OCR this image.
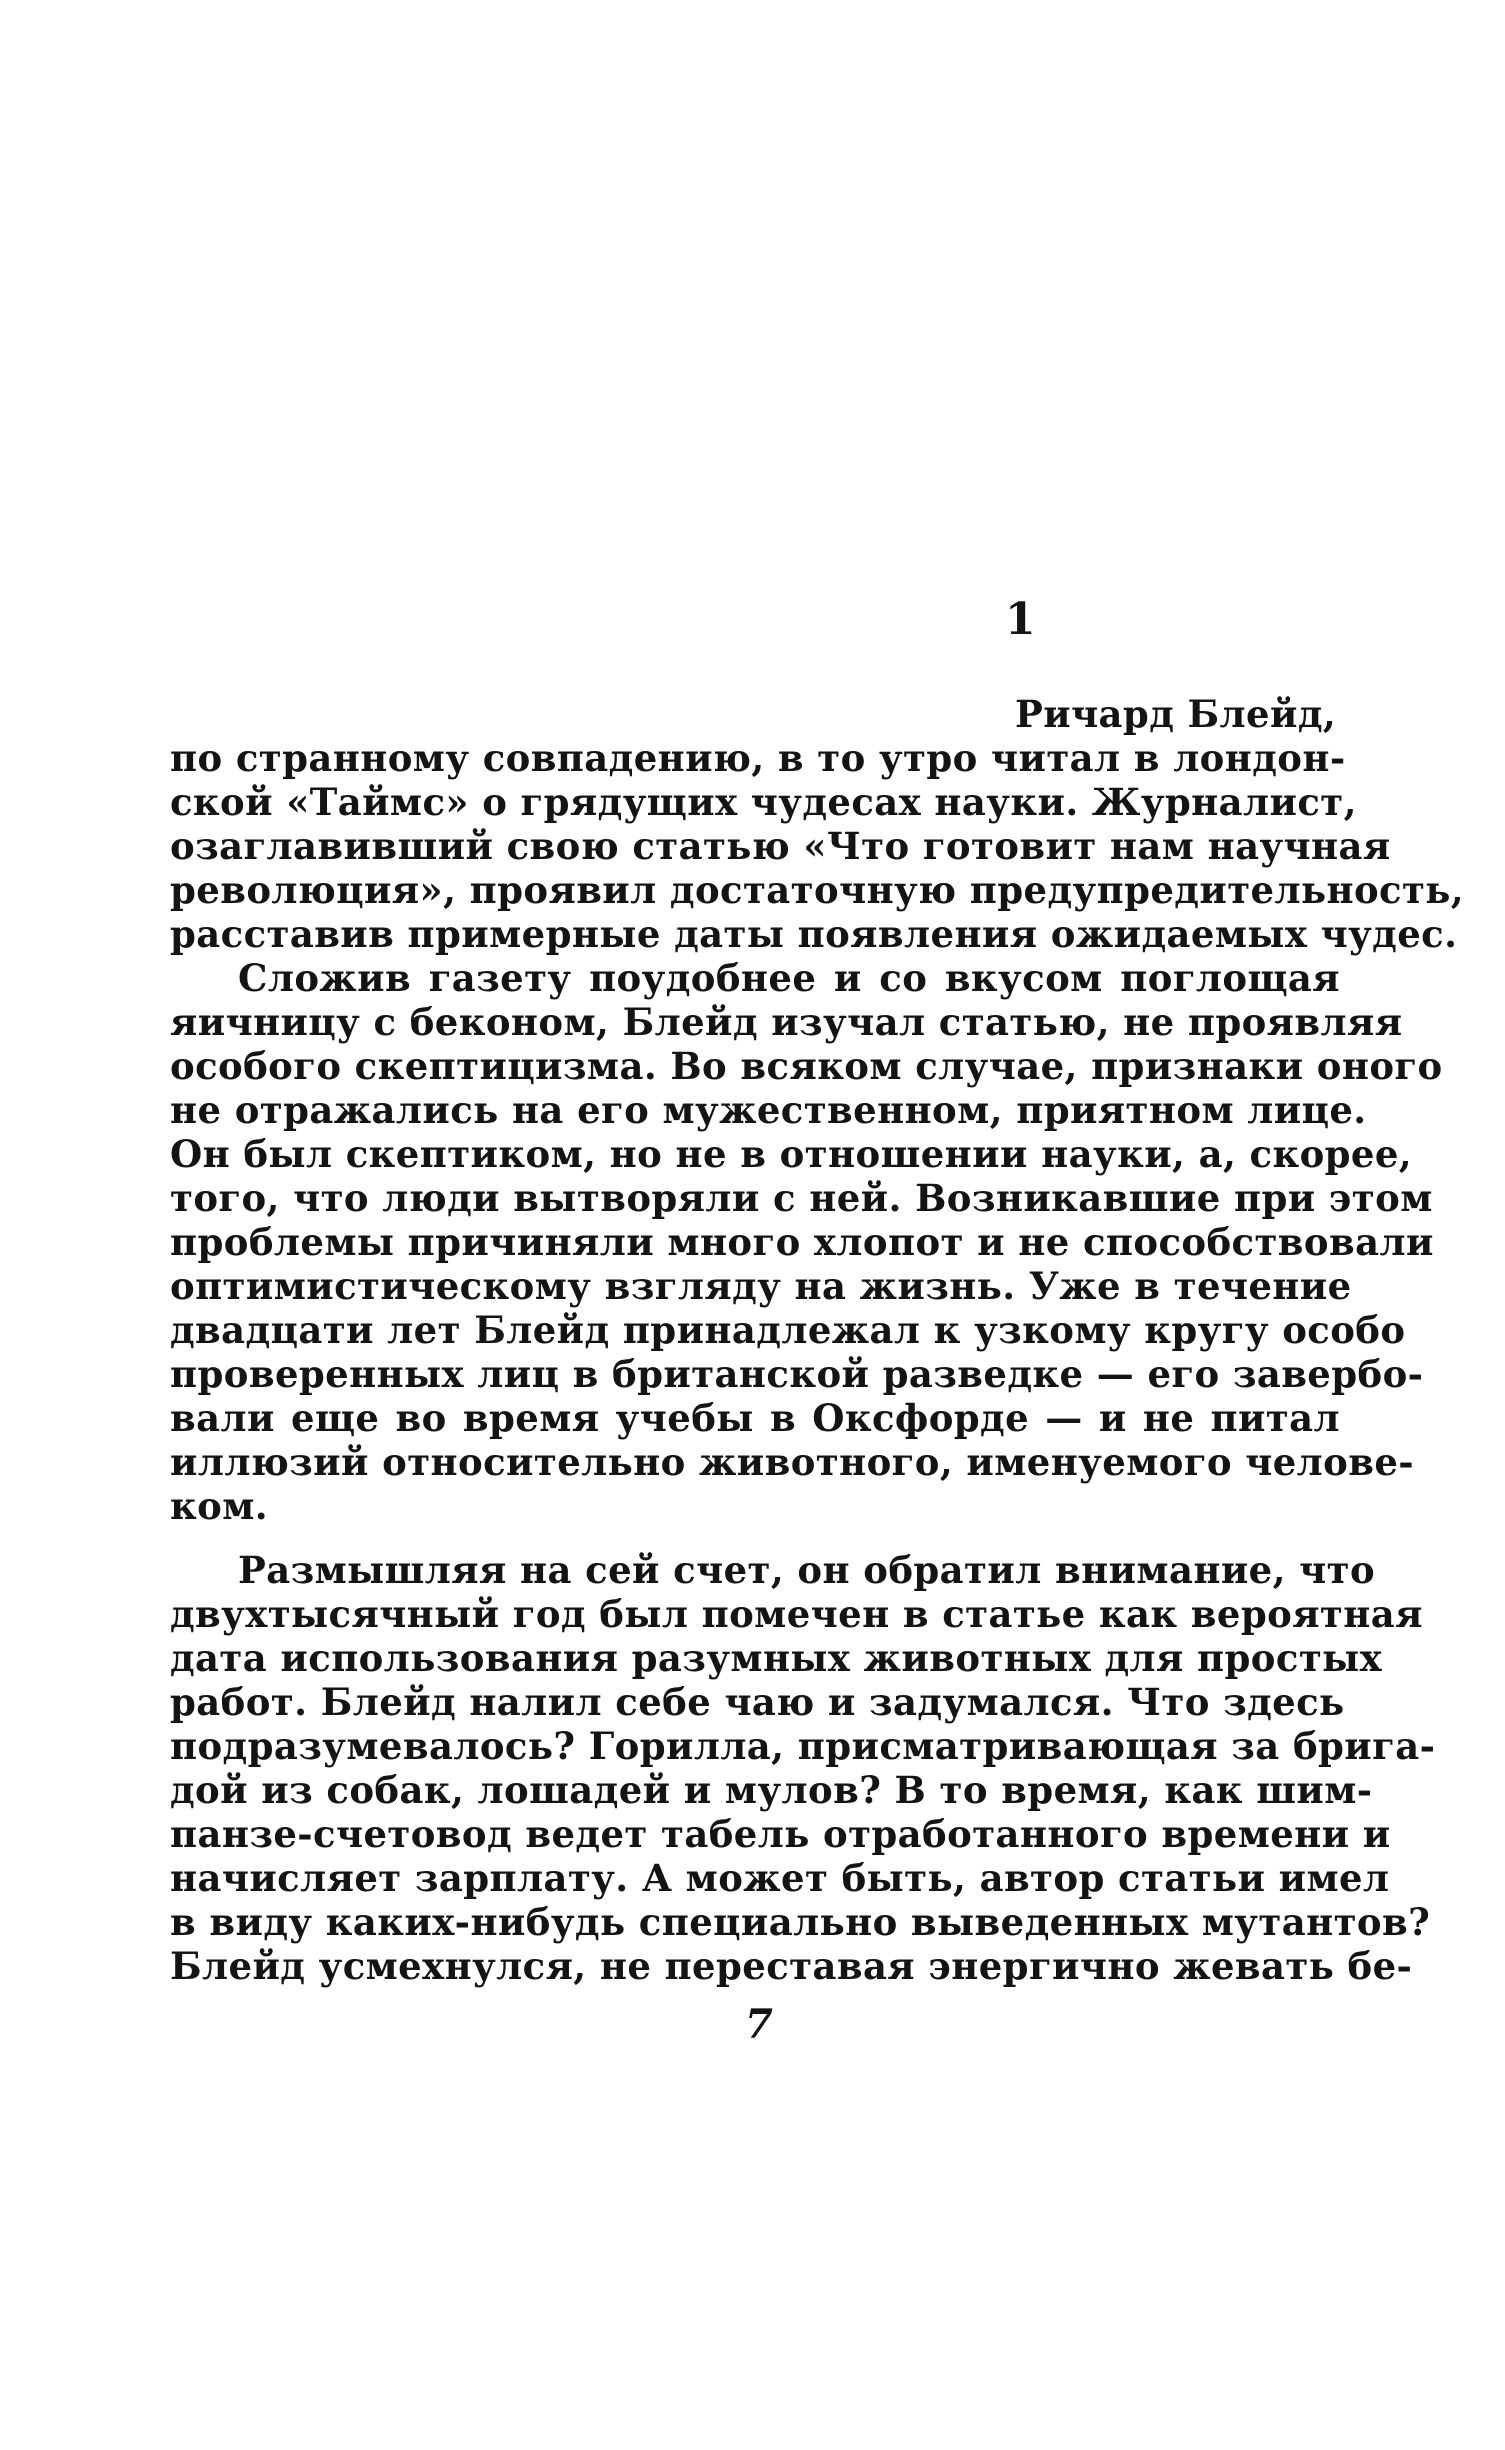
1
Ричард Блейд,
по странному совпадению, в то утро читал в лондон-
ской «Таймс» о грядущих чудесах науки. Журналист,
озаглавивший свою статью «Что готовит нам научная
революция», проявил достаточную предупредительность,
расставив примерные даты появления ожидаемых чудес.
Сложив газету поудобнее и со вкусом поглощая
яичницу с беконом, Блейд изучал статью, не проявляя
особого скептицизма. Во всяком случае, признаки оного
не отражались на его мужественном, приятном лице.
Он был скептиком, но не в отношении науки, а, скорее,
того, что люди вытворяли с ней. Возникавшие при этом
проблемы причиняли много хлопот и не способствовали
оптимистическому взгляду на жизнь. Уже в течение
двадцати лет Блейд принадлежал к узкому кругу особо
проверенных лиц в британской разведке — его завербо-
вали еще во время учебы в Оксфорде — и не питал
иллюзий относительно животного, именуемого челове-
ком.
Размышляя на сей счет, он обратил внимание, что
двухтысячный год был помечен в статье как вероятная
дата использования разумных животных для простых
работ. Блейд налил себе чаю и задумался. Что здесь
подразумевалось? Горилла, присматривающая за брига-
дой из собак, лошадей и мулов? В то время, как шим-
панзе-счетовод ведет табель отработанного времени и
начисляет зарплату. А может быть, автор статьи имел
в виду каких-нибудь специально выведенных мутантов?
Блейд усмехнулся, не переставая энергично жевать бе-
7
